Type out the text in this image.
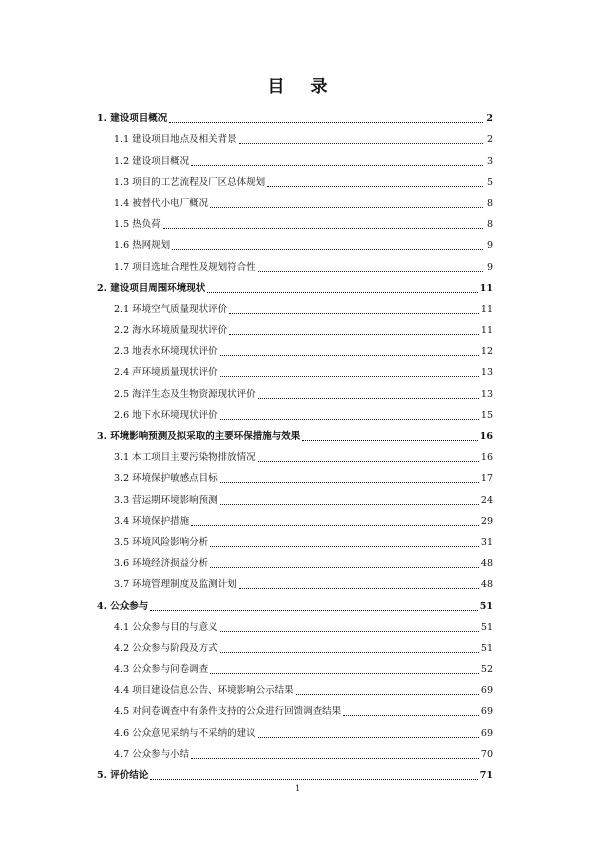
目 录
1. 建设项目概况	2
1.1 建设项目地点及相关背景	2
1.2 建设项目概况	3
1.3 项目的工艺流程及厂区总体规划	5
1.4 被替代小电厂概况	8
1.5 热负荷	8
1.6 热网规划	9
1.7 项目选址合理性及规划符合性	9
2. 建设项目周围环境现状	11
2.1 环境空气质量现状评价	11
2.2 海水环境质量现状评价	11
2.3 地表水环境现状评价	12
2.4 声环境质量现状评价	13
2.5 海洋生态及生物资源现状评价	13
2.6 地下水环境现状评价	15
3. 环境影响预测及拟采取的主要环保措施与效果	16
3.1 本工项目主要污染物排放情况	16
3.2 环境保护敏感点目标	17
3.3 营运期环境影响预测	24
3.4 环境保护措施	29
3.5 环境风险影响分析	31
3.6 环境经济损益分析	48
3.7 环境管理制度及监测计划	48
4. 公众参与	51
4.1 公众参与目的与意义	51
4.2 公众参与阶段及方式	51
4.3 公众参与问卷调查	52
4.4 项目建设信息公告、环境影响公示结果	69
4.5 对问卷调查中有条件支持的公众进行回馈调查结果	69
4.6 公众意见采纳与不采纳的建议	69
4.7 公众参与小结	70
5. 评价结论	71
1
